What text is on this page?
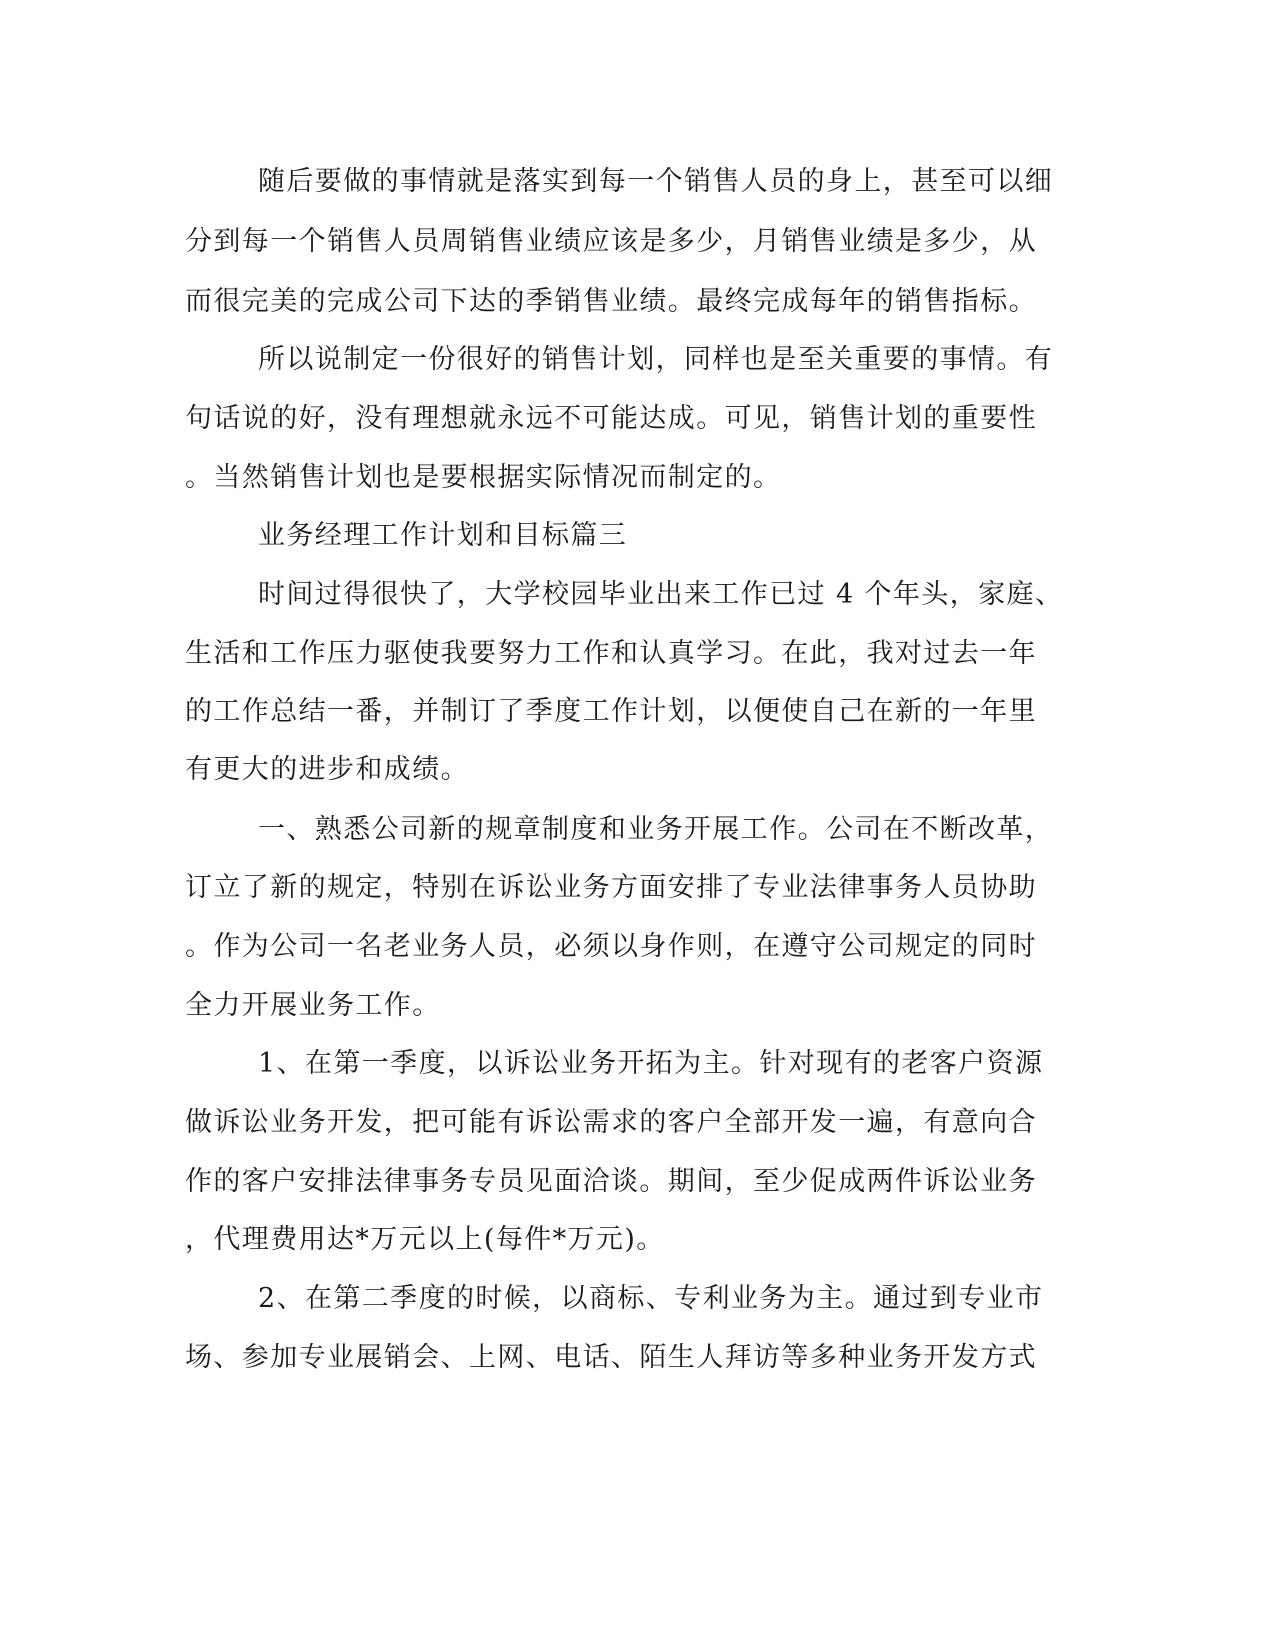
随后要做的事情就是落实到每一个销售人员的身上，甚至可以细
分到每一个销售人员周销售业绩应该是多少，月销售业绩是多少，从
而很完美的完成公司下达的季销售业绩。最终完成每年的销售指标。
所以说制定一份很好的销售计划，同样也是至关重要的事情。有
句话说的好，没有理想就永远不可能达成。可见，销售计划的重要性
。当然销售计划也是要根据实际情况而制定的。
业务经理工作计划和目标篇三
时间过得很快了，大学校园毕业出来工作已过 4 个年头，家庭、
生活和工作压力驱使我要努力工作和认真学习。在此，我对过去一年
的工作总结一番，并制订了季度工作计划，以便使自己在新的一年里
有更大的进步和成绩。
一、熟悉公司新的规章制度和业务开展工作。公司在不断改革，
订立了新的规定，特别在诉讼业务方面安排了专业法律事务人员协助
。作为公司一名老业务人员，必须以身作则，在遵守公司规定的同时
全力开展业务工作。
1、在第一季度，以诉讼业务开拓为主。针对现有的老客户资源
做诉讼业务开发，把可能有诉讼需求的客户全部开发一遍，有意向合
作的客户安排法律事务专员见面洽谈。期间，至少促成两件诉讼业务
，代理费用达*万元以上(每件*万元)。
2、在第二季度的时候，以商标、专利业务为主。通过到专业市
场、参加专业展销会、上网、电话、陌生人拜访等多种业务开发方式
